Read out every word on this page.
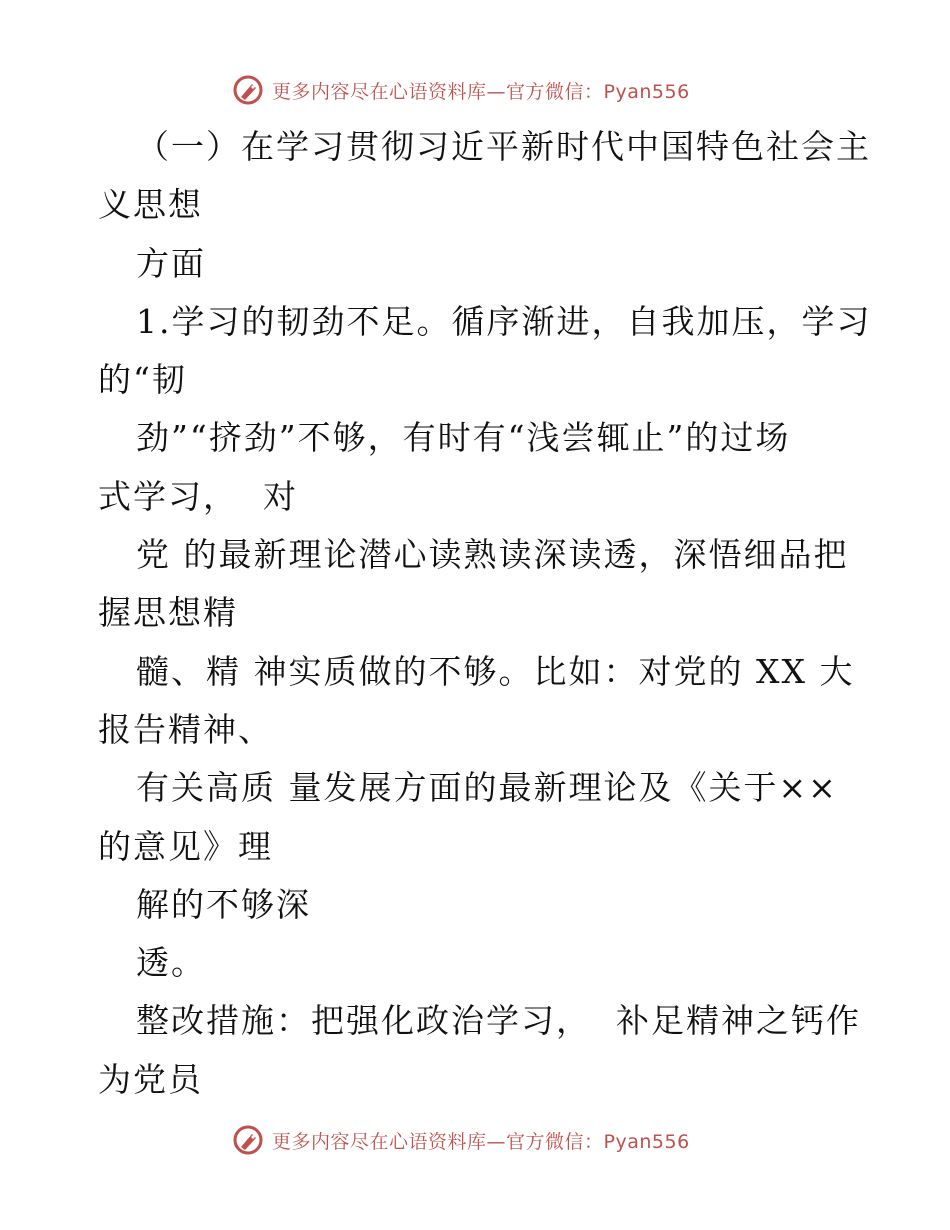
更多内容尽在心语资料库—官方微信：Pyan556
（一）在学习贯彻习近平新时代中国特色社会主
义思想
方面
1.学习的韧劲不足。循序渐进，自我加压，学习
的“韧
劲”“挤劲”不够，有时有“浅尝辄止”的过场
式学习，  对
党 的最新理论潜心读熟读深读透，深悟细品把
握思想精
髓、精 神实质做的不够。比如：对党的 XX 大
报告精神、
有关高质 量发展方面的最新理论及《关于××
的意见》理
解的不够深
透。
整改措施：把强化政治学习，  补足精神之钙作
为党员
更多内容尽在心语资料库—官方微信：Pyan556
